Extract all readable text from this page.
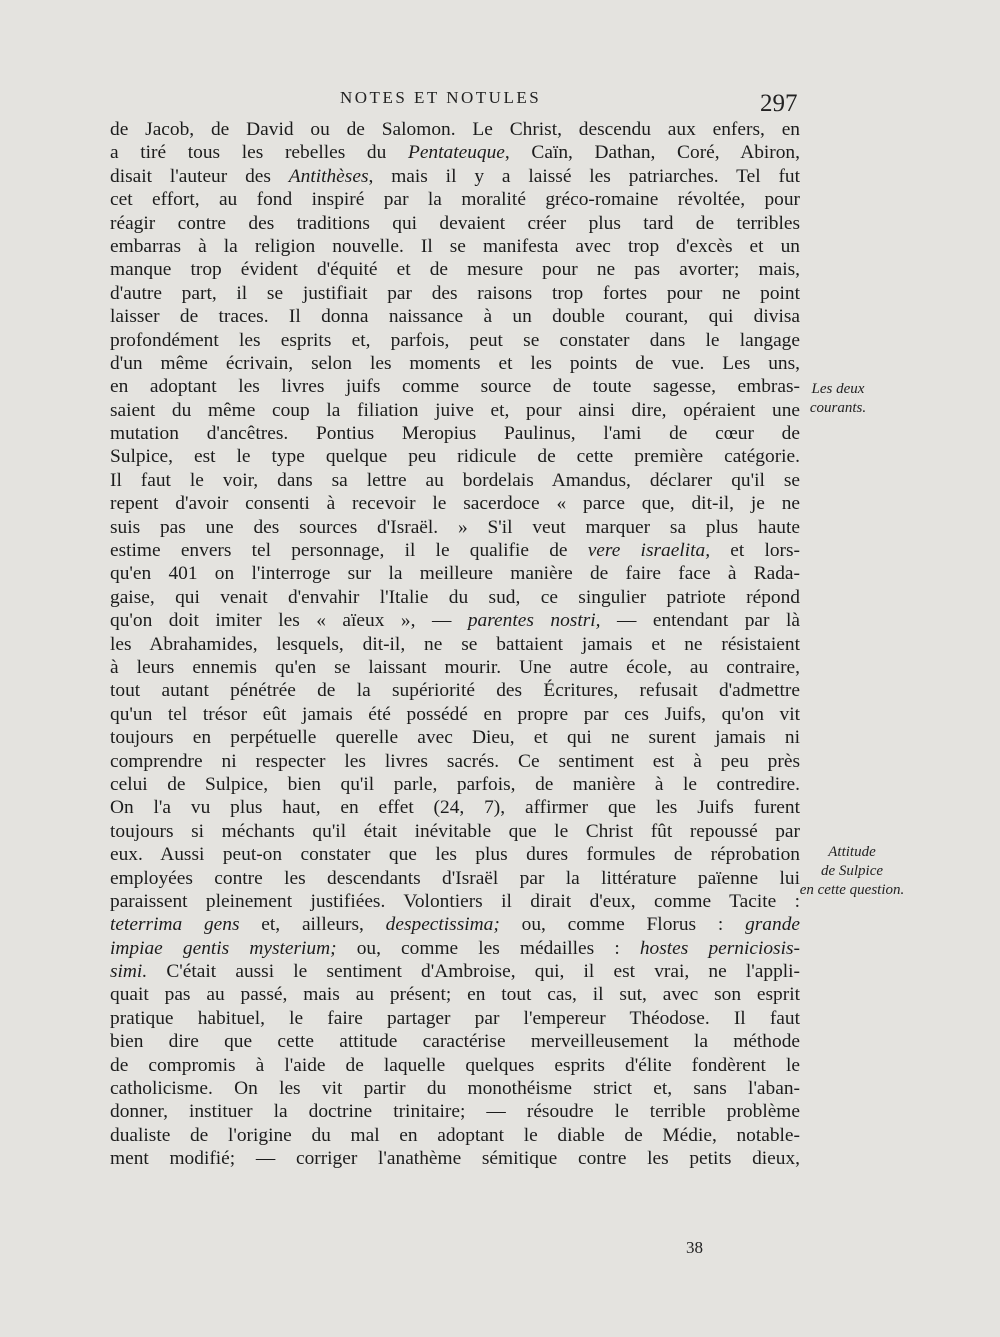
NOTES ET NOTULES	297
de Jacob, de David ou de Salomon. Le Christ, descendu aux enfers, en
a tiré tous les rebelles du Pentateuque, Caïn, Dathan, Coré, Abiron,
disait l'auteur des Antithèses, mais il y a laissé les patriarches. Tel fut
cet effort, au fond inspiré par la moralité gréco-romaine révoltée, pour
réagir contre des traditions qui devaient créer plus tard de terribles
embarras à la religion nouvelle. Il se manifesta avec trop d'excès et un
manque trop évident d'équité et de mesure pour ne pas avorter; mais,
d'autre part, il se justifiait par des raisons trop fortes pour ne point
laisser de traces. Il donna naissance à un double courant, qui divisa
profondément les esprits et, parfois, peut se constater dans le langage
d'un même écrivain, selon les moments et les points de vue. Les uns,
en adoptant les livres juifs comme source de toute sagesse, embras-
saient du même coup la filiation juive et, pour ainsi dire, opéraient une
mutation d'ancêtres. Pontius Meropius Paulinus, l'ami de cœur de
Sulpice, est le type quelque peu ridicule de cette première catégorie.
Il faut le voir, dans sa lettre au bordelais Amandus, déclarer qu'il se
repent d'avoir consenti à recevoir le sacerdoce « parce que, dit-il, je ne
suis pas une des sources d'Israël. » S'il veut marquer sa plus haute
estime envers tel personnage, il le qualifie de vere israelita, et lors-
qu'en 401 on l'interroge sur la meilleure manière de faire face à Rada-
gaise, qui venait d'envahir l'Italie du sud, ce singulier patriote répond
qu'on doit imiter les « aïeux », — parentes nostri, — entendant par là
les Abrahamides, lesquels, dit-il, ne se battaient jamais et ne résistaient
à leurs ennemis qu'en se laissant mourir. Une autre école, au contraire,
tout autant pénétrée de la supériorité des Écritures, refusait d'admettre
qu'un tel trésor eût jamais été possédé en propre par ces Juifs, qu'on vit
toujours en perpétuelle querelle avec Dieu, et qui ne surent jamais ni
comprendre ni respecter les livres sacrés. Ce sentiment est à peu près
celui de Sulpice, bien qu'il parle, parfois, de manière à le contredire.
On l'a vu plus haut, en effet (24, 7), affirmer que les Juifs furent
toujours si méchants qu'il était inévitable que le Christ fût repoussé par
eux. Aussi peut-on constater que les plus dures formules de réprobation
employées contre les descendants d'Israël par la littérature païenne lui
paraissent pleinement justifiées. Volontiers il dirait d'eux, comme Tacite :
teterrima gens et, ailleurs, despectissima; ou, comme Florus : grande
impiae gentis mysterium; ou, comme les médailles : hostes perniciosis-
simi. C'était aussi le sentiment d'Ambroise, qui, il est vrai, ne l'appli-
quait pas au passé, mais au présent; en tout cas, il sut, avec son esprit
pratique habituel, le faire partager par l'empereur Théodose. Il faut
bien dire que cette attitude caractérise merveilleusement la méthode
de compromis à l'aide de laquelle quelques esprits d'élite fondèrent le
catholicisme. On les vit partir du monothéisme strict et, sans l'aban-
donner, instituer la doctrine trinitaire; — résoudre le terrible problème
dualiste de l'origine du mal en adoptant le diable de Médie, notable-
ment modifié; — corriger l'anathème sémitique contre les petits dieux,
Les deux
courants.
Attitude
de Sulpice
en cette question.
38
